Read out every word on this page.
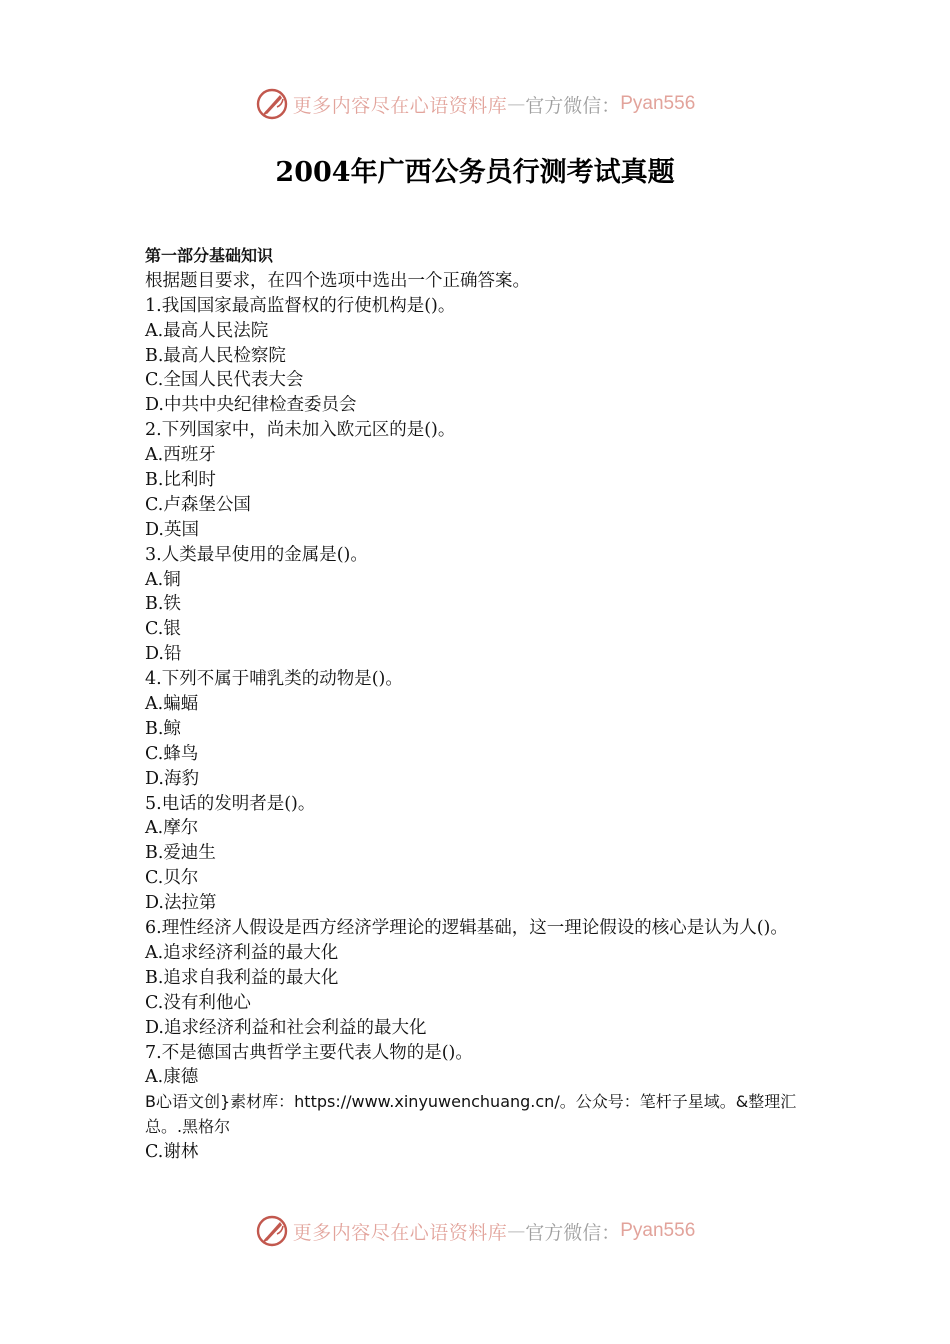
更多内容尽在心语资料库 — 官方微信： Pyan556
2004年广西公务员行测考试真题
第一部分基础知识
根据题目要求，在四个选项中选出一个正确答案。
1.我国国家最高监督权的行使机构是()。
A.最高人民法院
B.最高人民检察院
C.全国人民代表大会
D.中共中央纪律检查委员会
2.下列国家中，尚未加入欧元区的是()。
A.西班牙
B.比利时
C.卢森堡公国
D.英国
3.人类最早使用的金属是()。
A.铜
B.铁
C.银
D.铅
4.下列不属于哺乳类的动物是()。
A.蝙蝠
B.鲸
C.蜂鸟
D.海豹
5.电话的发明者是()。
A.摩尔
B.爱迪生
C.贝尔
D.法拉第
6.理性经济人假设是西方经济学理论的逻辑基础，这一理论假设的核心是认为人()。
A.追求经济利益的最大化
B.追求自我利益的最大化
C.没有利他心
D.追求经济利益和社会利益的最大化
7.不是德国古典哲学主要代表人物的是()。
A.康德
B心语文创}素材库：https://www.xinyuwenchuang.cn/。公众号：笔杆子星域。&整理汇总。.黑格尔
C.谢林
更多内容尽在心语资料库 — 官方微信： Pyan556
